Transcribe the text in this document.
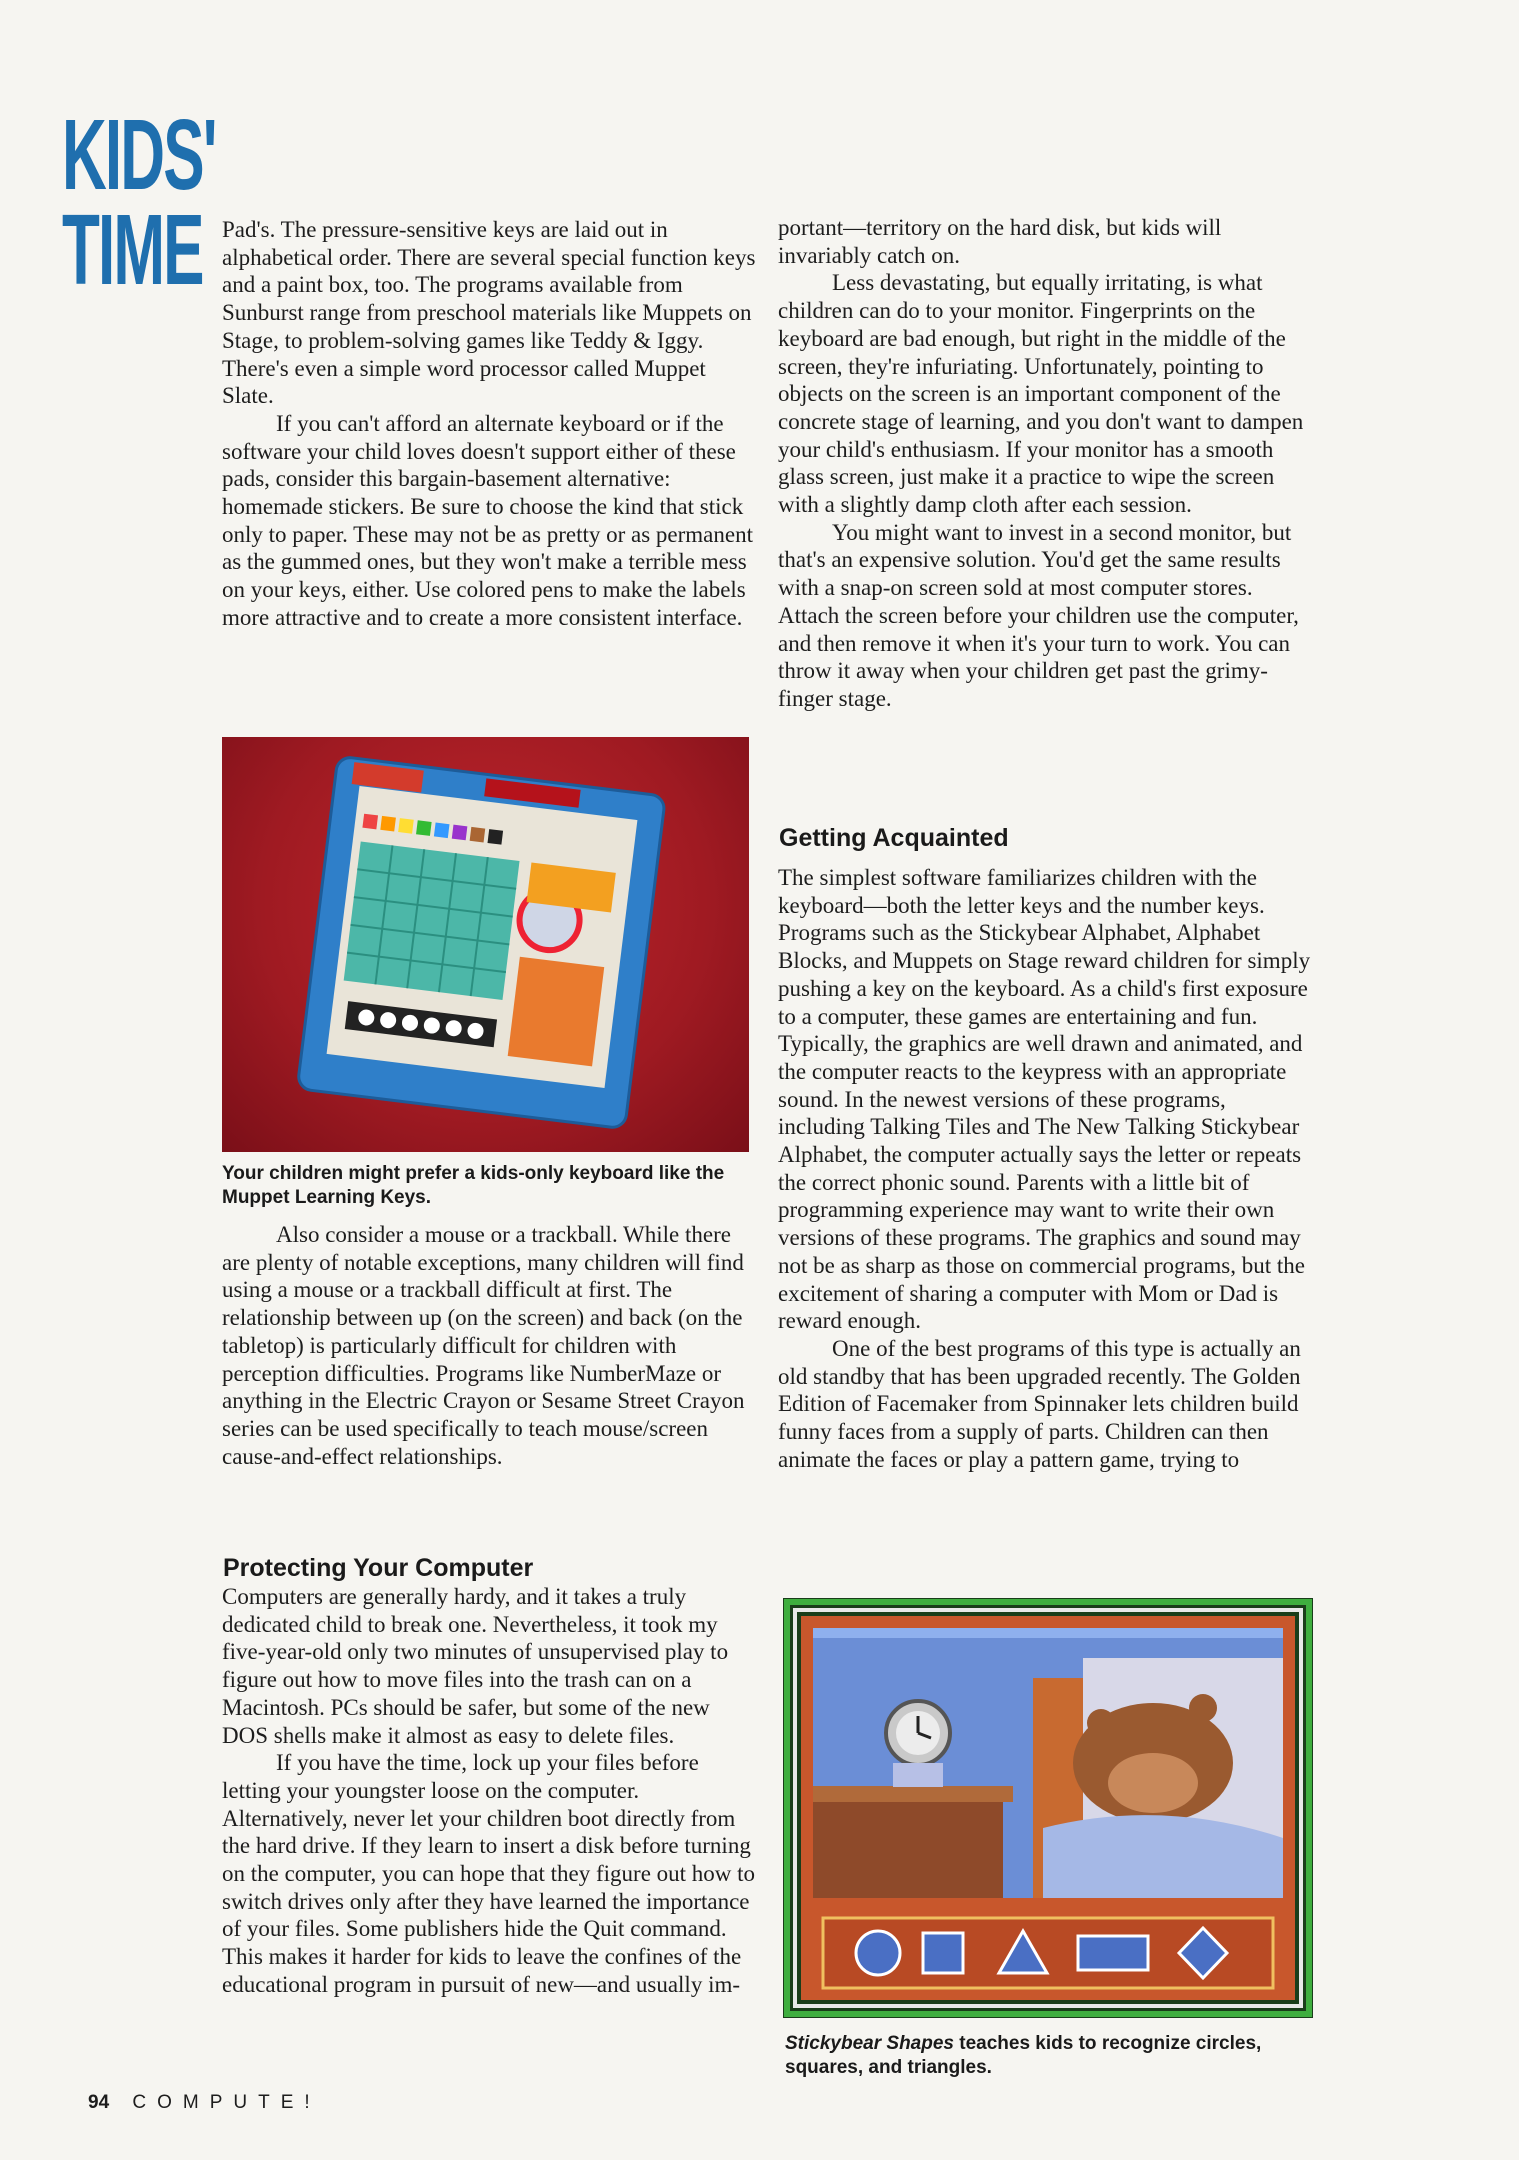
KIDS'
TIME Pad's. The pressure-sensitive keys are laid out in alphabetical order. There are several special function keys and a paint box, too. The programs available from Sunburst range from preschool materials like Muppets on Stage, to problem-solving games like Teddy & Iggy. There's even a simple word processor called Muppet Slate.

If you can't afford an alternate keyboard or if the software your child loves doesn't support either of these pads, consider this bargain-basement alternative: homemade stickers. Be sure to choose the kind that stick only to paper. These may not be as pretty or as permanent as the gummed ones, but they won't make a terrible mess on your keys, either. Use colored pens to make the labels more attractive and to create a more consistent interface.

Your children might prefer a kids-only keyboard like the Muppet Learning Keys.

Also consider a mouse or a trackball. While there are plenty of notable exceptions, many children will find using a mouse or a trackball difficult at first. The relationship between up (on the screen) and back (on the tabletop) is particularly difficult for children with perception difficulties. Programs like NumberMaze or anything in the Electric Crayon or Sesame Street Crayon series can be used specifically to teach mouse/screen cause-and-effect relationships.

Protecting Your Computer

Computers are generally hardy, and it takes a truly dedicated child to break one. Nevertheless, it took my five-year-old only two minutes of unsupervised play to figure out how to move files into the trash can on a Macintosh. PCs should be safer, but some of the new DOS shells make it almost as easy to delete files.

If you have the time, lock up your files before letting your youngster loose on the computer. Alternatively, never let your children boot directly from the hard drive. If they learn to insert a disk before turning on the computer, you can hope that they figure out how to switch drives only after they have learned the importance of your files. Some publishers hide the Quit command. This makes it harder for kids to leave the confines of the educational program in pursuit of new—and usually im-

portant—territory on the hard disk, but kids will invariably catch on.

Less devastating, but equally irritating, is what children can do to your monitor. Fingerprints on the keyboard are bad enough, but right in the middle of the screen, they're infuriating. Unfortunately, pointing to objects on the screen is an important component of the concrete stage of learning, and you don't want to dampen your child's enthusiasm. If your monitor has a smooth glass screen, just make it a practice to wipe the screen with a slightly damp cloth after each session.

You might want to invest in a second monitor, but that's an expensive solution. You'd get the same results with a snap-on screen sold at most computer stores. Attach the screen before your children use the computer, and then remove it when it's your turn to work. You can throw it away when your children get past the grimy-finger stage.

Getting Acquainted

The simplest software familiarizes children with the keyboard—both the letter keys and the number keys. Programs such as the Stickybear Alphabet, Alphabet Blocks, and Muppets on Stage reward children for simply pushing a key on the keyboard. As a child's first exposure to a computer, these games are entertaining and fun. Typically, the graphics are well drawn and animated, and the computer reacts to the keypress with an appropriate sound. In the newest versions of these programs, including Talking Tiles and The New Talking Stickybear Alphabet, the computer actually says the letter or repeats the correct phonic sound. Parents with a little bit of programming experience may want to write their own versions of these programs. The graphics and sound may not be as sharp as those on commercial programs, but the excitement of sharing a computer with Mom or Dad is reward enough.

One of the best programs of this type is actually an old standby that has been upgraded recently. The Golden Edition of Facemaker from Spinnaker lets children build funny faces from a supply of parts. Children can then animate the faces or play a pattern game, trying to

Stickybear Shapes teaches kids to recognize circles, squares, and triangles.
94 COMPUTE!
